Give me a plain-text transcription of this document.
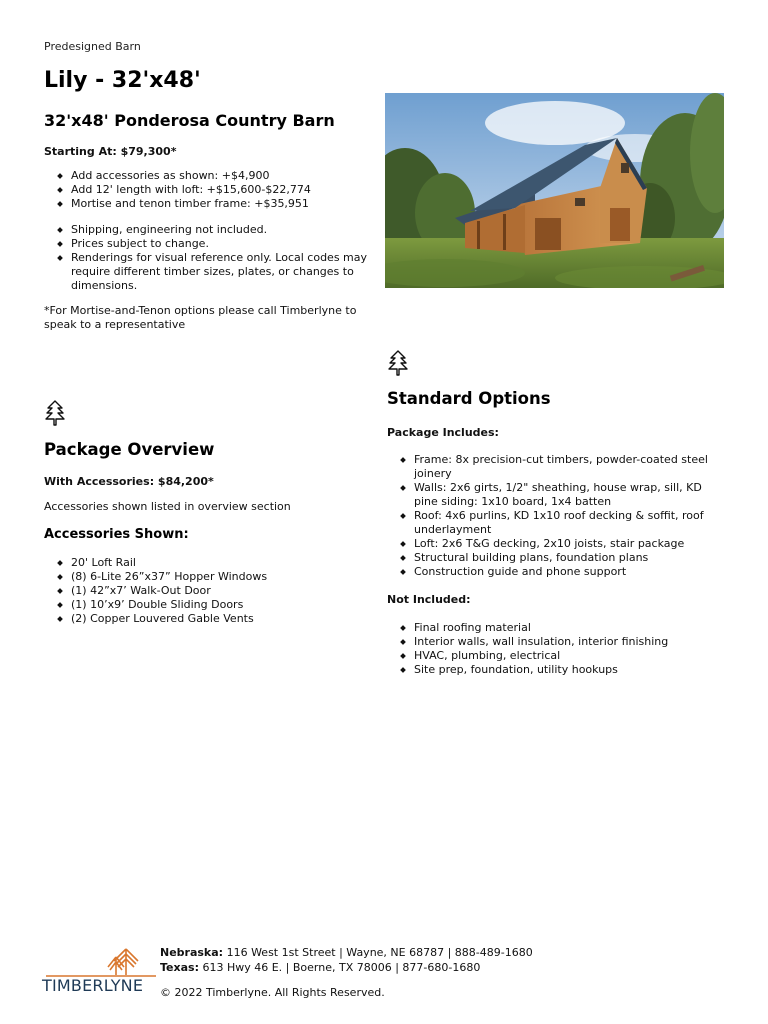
Predesigned Barn
Lily - 32'x48'
32'x48' Ponderosa Country Barn
Starting At: $79,300*
Add accessories as shown: +$4,900
Add 12' length with loft: +$15,600-$22,774
Mortise and tenon timber frame: +$35,951
Shipping, engineering not included.
Prices subject to change.
Renderings for visual reference only. Local codes may require different timber sizes, plates, or changes to dimensions.

*For Mortise-and-Tenon options please call Timberlyne to speak to a representative

Package Overview
With Accessories: $84,200*
Accessories shown listed in overview section
Accessories Shown:
20' Loft Rail
(8) 6-Lite 26”x37” Hopper Windows
(1) 42”x7’ Walk-Out Door
(1) 10’x9’ Double Sliding Doors
(2) Copper Louvered Gable Vents
Standard Options
Package Includes:
Frame: 8x precision-cut timbers, powder-coated steel joinery
Walls: 2x6 girts, 1/2" sheathing, house wrap, sill, KD pine siding: 1x10 board, 1x4 batten
Roof: 4x6 purlins, KD 1x10 roof decking & soffit, roof underlayment
Loft: 2x6 T&G decking, 2x10 joists, stair package
Structural building plans, foundation plans
Construction guide and phone support
Not Included:
Final roofing material
Interior walls, wall insulation, interior finishing
HVAC, plumbing, electrical
Site prep, foundation, utility hookups
TIMBERLYNE
Nebraska: 116 West 1st Street | Wayne, NE 68787 | 888-489-1680
Texas: 613 Hwy 46 E. | Boerne, TX 78006 | 877-680-1680
© 2022 Timberlyne. All Rights Reserved.
